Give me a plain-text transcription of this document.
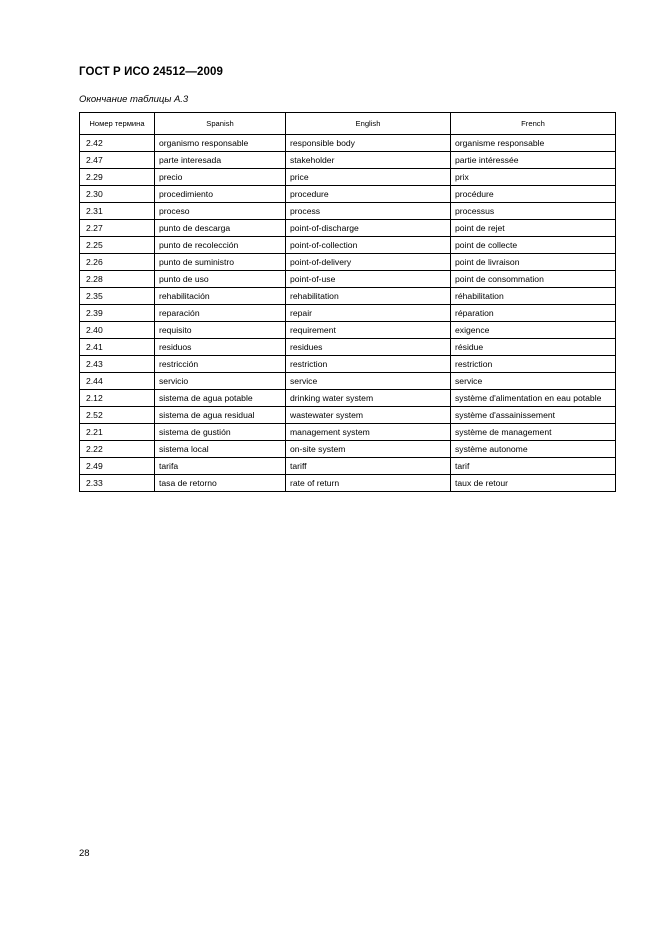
ГОСТ Р ИСО 24512—2009
Окончание таблицы А.3
Номер термина	Spanish	English	French
2.42	organismo responsable	responsible body	organisme responsable
2.47	parte interesada	stakeholder	partie intéressée
2.29	precio	price	prix
2.30	procedimiento	procedure	procédure
2.31	proceso	process	processus
2.27	punto de descarga	point-of-discharge	point de rejet
2.25	punto de recolección	point-of-collection	point de collecte
2.26	punto de suministro	point-of-delivery	point de livraison
2.28	punto de uso	point-of-use	point de consommation
2.35	rehabilitación	rehabilitation	réhabilitation
2.39	reparación	repair	réparation
2.40	requisito	requirement	exigence
2.41	residuos	residues	résidue
2.43	restricción	restriction	restriction
2.44	servicio	service	service
2.12	sistema de agua potable	drinking water system	système d'alimentation en eau potable
2.52	sistema de agua residual	wastewater system	système d'assainissement
2.21	sistema de gustión	management system	système de management
2.22	sistema local	on-site system	système autonome
2.49	tarifa	tariff	tarif
2.33	tasa de retorno	rate of return	taux de retour
28
